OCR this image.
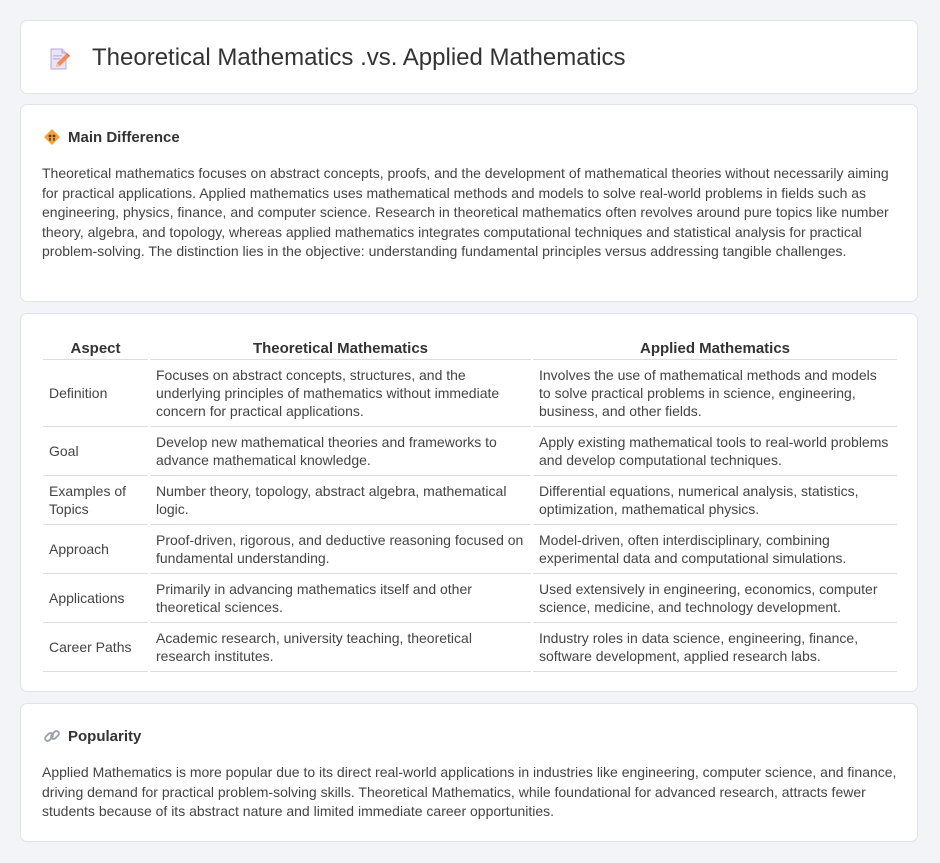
Theoretical Mathematics .vs. Applied Mathematics
Main Difference

Theoretical mathematics focuses on abstract concepts, proofs, and the development of mathematical theories without necessarily aiming for practical applications. Applied mathematics uses mathematical methods and models to solve real-world problems in fields such as engineering, physics, finance, and computer science. Research in theoretical mathematics often revolves around pure topics like number theory, algebra, and topology, whereas applied mathematics integrates computational techniques and statistical analysis for practical problem-solving. The distinction lies in the objective: understanding fundamental principles versus addressing tangible challenges.

Aspect	Theoretical Mathematics	Applied Mathematics
Definition	Focuses on abstract concepts, structures, and the underlying principles of mathematics without immediate concern for practical applications.	Involves the use of mathematical methods and models to solve practical problems in science, engineering, business, and other fields.
Goal	Develop new mathematical theories and frameworks to advance mathematical knowledge.	Apply existing mathematical tools to real-world problems and develop computational techniques.
Examples of Topics	Number theory, topology, abstract algebra, mathematical logic.	Differential equations, numerical analysis, statistics, optimization, mathematical physics.
Approach	Proof-driven, rigorous, and deductive reasoning focused on fundamental understanding.	Model-driven, often interdisciplinary, combining experimental data and computational simulations.
Applications	Primarily in advancing mathematics itself and other theoretical sciences.	Used extensively in engineering, economics, computer science, medicine, and technology development.
Career Paths	Academic research, university teaching, theoretical research institutes.	Industry roles in data science, engineering, finance, software development, applied research labs.
Popularity

Applied Mathematics is more popular due to its direct real-world applications in industries like engineering, computer science, and finance, driving demand for practical problem-solving skills. Theoretical Mathematics, while foundational for advanced research, attracts fewer students because of its abstract nature and limited immediate career opportunities.
